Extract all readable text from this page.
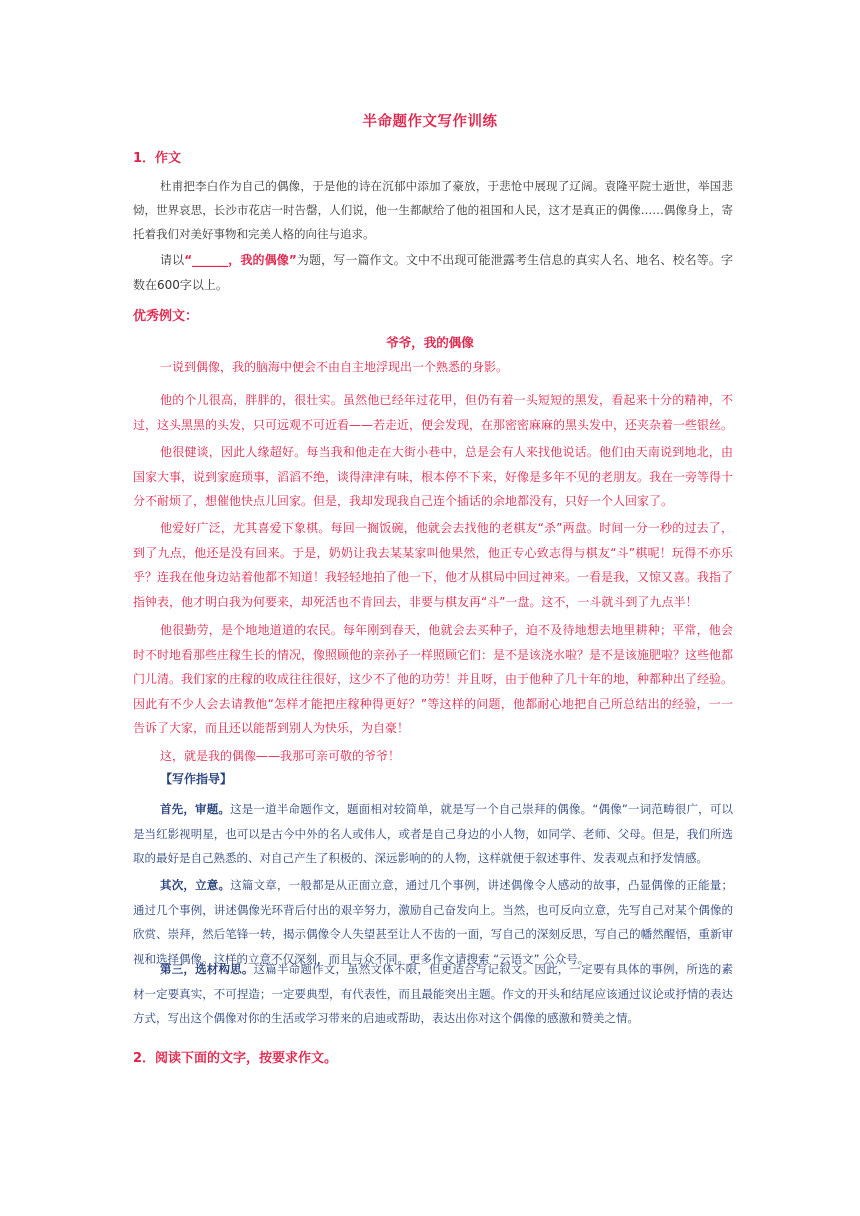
半命题作文写作训练
1．作文

杜甫把李白作为自己的偶像，于是他的诗在沉郁中添加了豪放，于悲怆中展现了辽阔。袁隆平院士逝世，举国悲恸，世界哀思，长沙市花店一时告罄，人们说，他一生都献给了他的祖国和人民，这才是真正的偶像……偶像身上，寄托着我们对美好事物和完美人格的向往与追求。

请以“______，我的偶像”为题，写一篇作文。文中不出现可能泄露考生信息的真实人名、地名、校名等。字数在600字以上。

优秀例文：
爷爷，我的偶像

一说到偶像，我的脑海中便会不由自主地浮现出一个熟悉的身影。

他的个儿很高，胖胖的，很壮实。虽然他已经年过花甲，但仍有着一头短短的黑发，看起来十分的精神，不过，这头黑黑的头发，只可远观不可近看——若走近，便会发现，在那密密麻麻的黑头发中，还夹杂着一些银丝。

他很健谈，因此人缘超好。每当我和他走在大街小巷中，总是会有人来找他说话。他们由天南说到地北，由国家大事，说到家庭琐事，滔滔不绝，谈得津津有味，根本停不下来，好像是多年不见的老朋友。我在一旁等得十分不耐烦了，想催他快点儿回家。但是，我却发现我自己连个插话的余地都没有，只好一个人回家了。

他爱好广泛，尤其喜爱下象棋。每回一搁饭碗，他就会去找他的老棋友“杀”两盘。时间一分一秒的过去了，到了九点，他还是没有回来。于是，奶奶让我去某某家叫他果然，他正专心致志得与棋友“斗”棋呢！玩得不亦乐乎？连我在他身边站着他都不知道！我轻轻地拍了他一下，他才从棋局中回过神来。一看是我，又惊又喜。我指了指钟表，他才明白我为何要来，却死活也不肯回去，非要与棋友再“斗”一盘。这不，一斗就斗到了九点半！

他很勤劳，是个地地道道的农民。每年刚到春天，他就会去买种子，迫不及待地想去地里耕种；平常，他会时不时地看那些庄稼生长的情况，像照顾他的亲孙子一样照顾它们：是不是该浇水啦？是不是该施肥啦？这些他都门儿清。我们家的庄稼的收成往往很好，这少不了他的功劳！并且呀，由于他种了几十年的地，种都种出了经验。因此有不少人会去请教他“怎样才能把庄稼种得更好？”等这样的问题，他都耐心地把自己所总结出的经验，一一告诉了大家，而且还以能帮到别人为快乐，为自豪！

这，就是我的偶像——我那可亲可敬的爷爷！

【写作指导】

首先，审题。这是一道半命题作文，题面相对较简单，就是写一个自己崇拜的偶像。“偶像”一词范畴很广，可以是当红影视明星，也可以是古今中外的名人或伟人，或者是自己身边的小人物，如同学、老师、父母。但是，我们所选取的最好是自己熟悉的、对自己产生了积极的、深远影响的的人物，这样就便于叙述事件、发表观点和抒发情感。

其次，立意。这篇文章，一般都是从正面立意，通过几个事例，讲述偶像令人感动的故事，凸显偶像的正能量；通过几个事例，讲述偶像光环背后付出的艰辛努力，激励自己奋发向上。当然，也可反向立意，先写自己对某个偶像的欣赏、崇拜，然后笔锋一转，揭示偶像令人失望甚至让人不齿的一面，写自己的深刻反思，写自己的幡然醒悟，重新审视和选择偶像。这样的立意不仅深刻，而且与众不同。更多作文请搜索 “云语文” 公众号。

第三，选材构思。这篇半命题作文，虽然文体不限，但更适合写记叙文。因此，一定要有具体的事例，所选的素材一定要真实，不可捏造；一定要典型，有代表性，而且最能突出主题。作文的开头和结尾应该通过议论或抒情的表达方式，写出这个偶像对你的生活或学习带来的启迪或帮助，表达出你对这个偶像的感激和赞美之情。

2．阅读下面的文字，按要求作文。
